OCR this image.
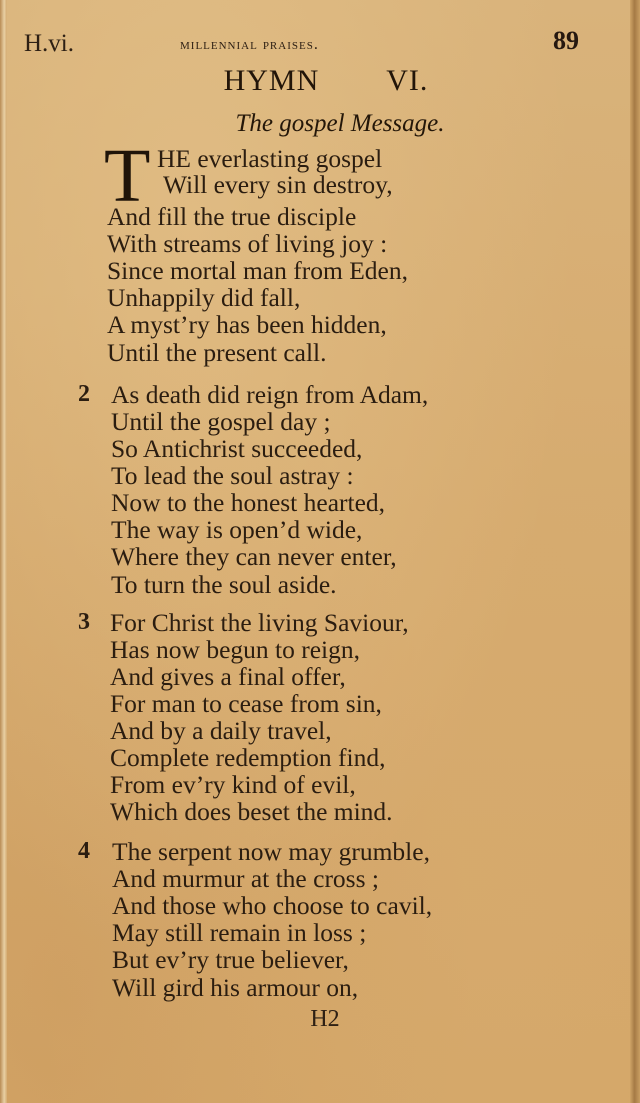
H.vi.	millennial praises.	89
HYMN   VI.
The gospel Message.
T HE everlasting gospel
Will every sin destroy,
And fill the true disciple
With streams of living joy :
Since mortal man from Eden,
Unhappily did fall,
A myst’ry has been hidden,
Until the present call.
2 As death did reign from Adam,
Until the gospel day ;
So Antichrist succeeded,
To lead the soul astray :
Now to the honest hearted,
The way is open’d wide,
Where they can never enter,
To turn the soul aside.
3 For Christ the living Saviour,
Has now begun to reign,
And gives a final offer,
For man to cease from sin,
And by a daily travel,
Complete redemption find,
From ev’ry kind of evil,
Which does beset the mind.
4 The serpent now may grumble,
And murmur at the cross ;
And those who choose to cavil,
May still remain in loss ;
But ev’ry true believer,
Will gird his armour on,
H2
